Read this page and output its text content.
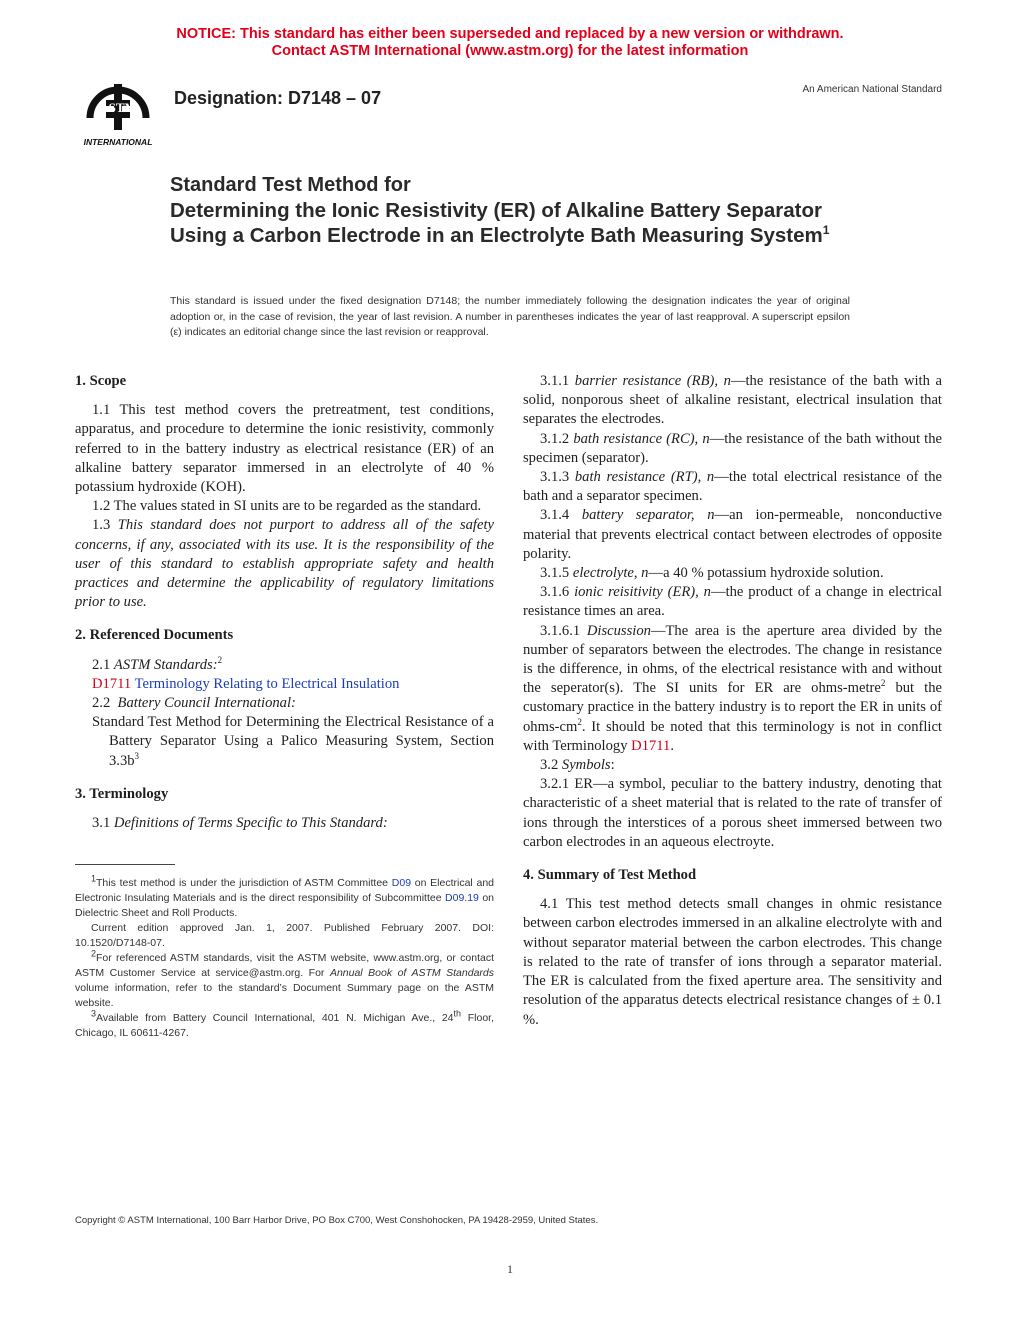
NOTICE: This standard has either been superseded and replaced by a new version or withdrawn.
Contact ASTM International (www.astm.org) for the latest information
ASTM
INTERNATIONAL
Designation: D7148 – 07	An American National Standard
Standard Test Method for
Determining the Ionic Resistivity (ER) of Alkaline Battery Separator Using a Carbon Electrode in an Electrolyte Bath Measuring System$^1$
This standard is issued under the fixed designation D7148; the number immediately following the designation indicates the year of original adoption or, in the case of revision, the year of last revision. A number in parentheses indicates the year of last reapproval. A superscript epsilon (ε) indicates an editorial change since the last revision or reapproval.

1. Scope

1.1 This test method covers the pretreatment, test conditions, apparatus, and procedure to determine the ionic resistivity, commonly referred to in the battery industry as electrical resistance (ER) of an alkaline battery separator immersed in an electrolyte of 40 % potassium hydroxide (KOH).

1.2 The values stated in SI units are to be regarded as the standard.

1.3 This standard does not purport to address all of the safety concerns, if any, associated with its use. It is the responsibility of the user of this standard to establish appropriate safety and health practices and determine the applicability of regulatory limitations prior to use.

2. Referenced Documents

2.1 ASTM Standards:$^2$

D1711 Terminology Relating to Electrical Insulation

2.2 Battery Council International:

Standard Test Method for Determining the Electrical Resistance of a Battery Separator Using a Palico Measuring System, Section $3.3b^3$

3. Terminology

3.1 Definitions of Terms Specific to This Standard:

$^1$This test method is under the jurisdiction of ASTM Committee D09 on Electrical and Electronic Insulating Materials and is the direct responsibility of Subcommittee D09.19 on Dielectric Sheet and Roll Products.

Current edition approved Jan. 1, 2007. Published February 2007. DOI: 10.1520/D7148-07.

$^2$For referenced ASTM standards, visit the ASTM website, www.astm.org, or contact ASTM Customer Service at service@astm.org. For Annual Book of ASTM Standards volume information, refer to the standard’s Document Summary page on the ASTM website.

$^3$Available from Battery Council International, 401 N. Michigan Ave., 24th Floor, Chicago, IL 60611-4267.

3.1.1 barrier resistance (RB), n—the resistance of the bath with a solid, nonporous sheet of alkaline resistant, electrical insulation that separates the electrodes.

3.1.2 bath resistance (RC), n—the resistance of the bath without the specimen (separator).

3.1.3 bath resistance (RT), n—the total electrical resistance of the bath and a separator specimen.

3.1.4 battery separator, n—an ion-permeable, nonconductive material that prevents electrical contact between electrodes of opposite polarity.

3.1.5 electrolyte, n—a 40 % potassium hydroxide solution.

3.1.6 ionic reisitivity (ER), n—the product of a change in electrical resistance times an area.

3.1.6.1 Discussion—The area is the aperture area divided by the number of separators between the electrodes. The change in resistance is the difference, in ohms, of the electrical resistance with and without the seperator(s). The SI units for ER are ohms-metre$^2$ but the customary practice in the battery industry is to report the ER in units of ohms-$cm^2$. It should be noted that this terminology is not in conflict with Terminology D1711.

3.2 Symbols:

3.2.1 ER—a symbol, peculiar to the battery industry, denoting that characteristic of a sheet material that is related to the rate of transfer of ions through the interstices of a porous sheet immersed between two carbon electrodes in an aqueous electroyte.

4. Summary of Test Method

4.1 This test method detects small changes in ohmic resistance between carbon electrodes immersed in an alkaline electrolyte with and without separator material between the carbon electrodes. This change is related to the rate of transfer of ions through a separator material. The ER is calculated from the fixed aperture area. The sensitivity and resolution of the apparatus detects electrical resistance changes of ± 0.1 %.

Copyright © ASTM International, 100 Barr Harbor Drive, PO Box C700, West Conshohocken, PA 19428-2959, United States.
1
